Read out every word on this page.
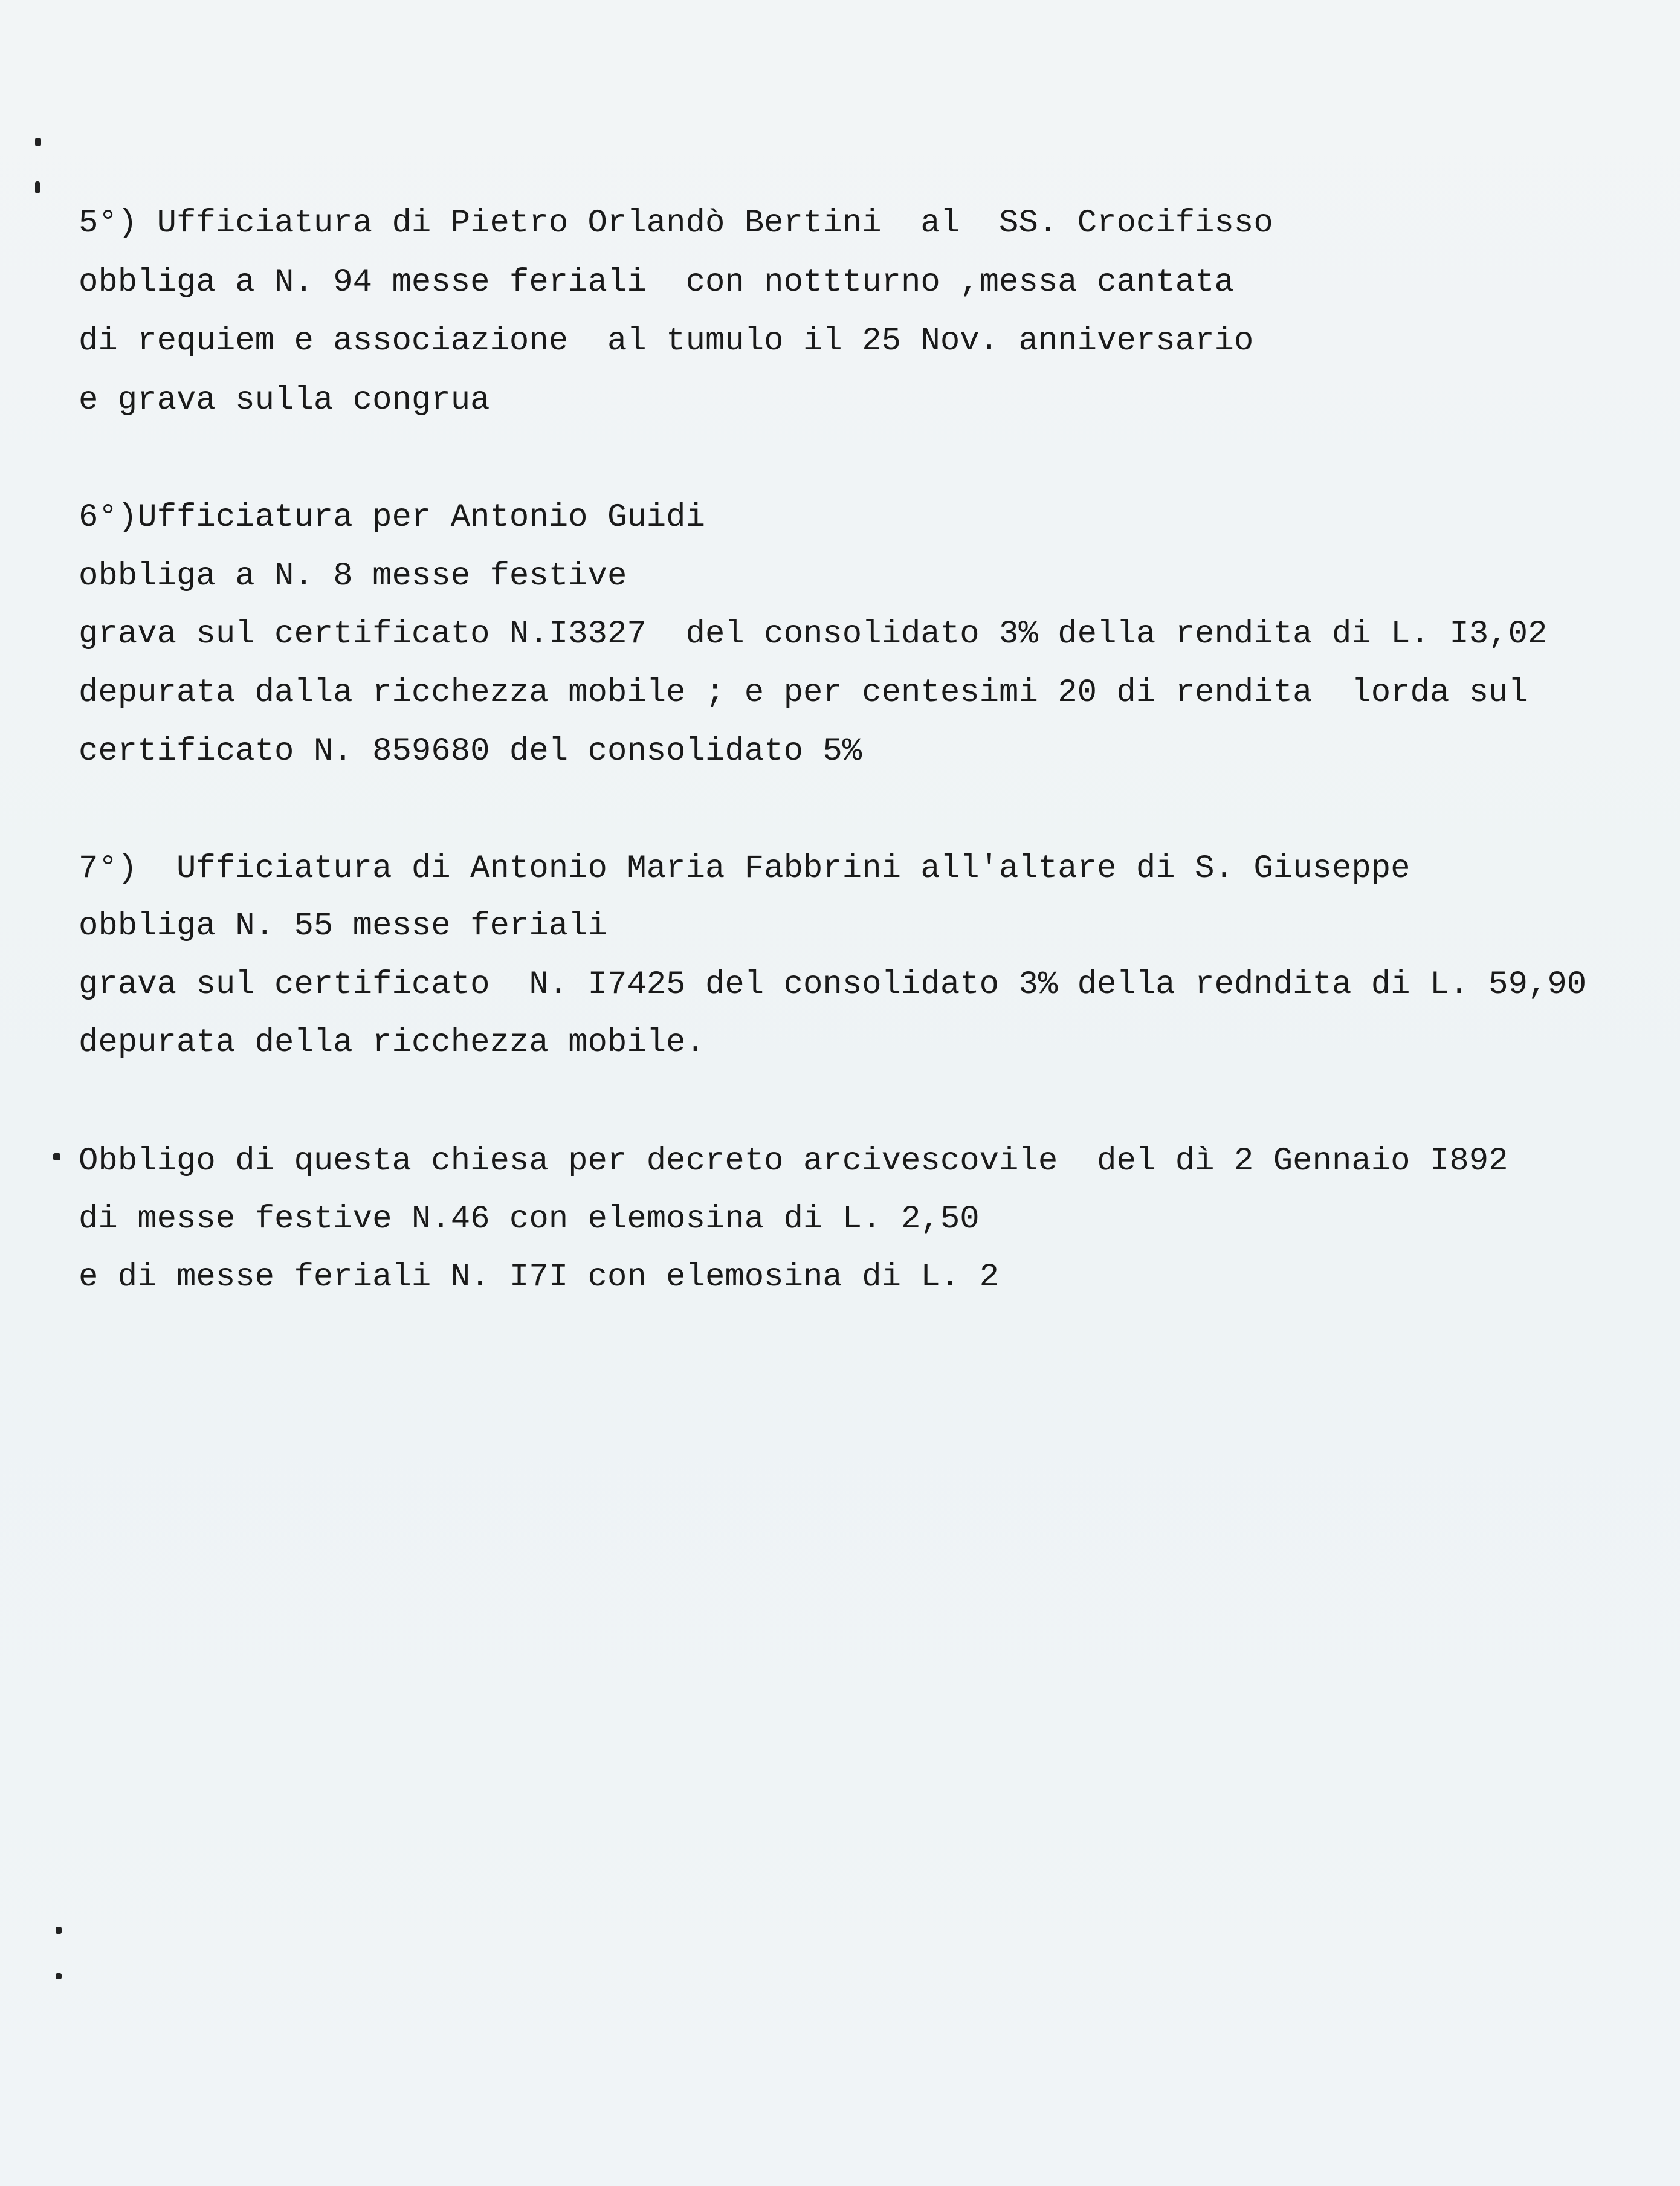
5°) Ufficiatura di Pietro Orlandò Bertini  al  SS. Crocifisso
obbliga a N. 94 messe feriali  con nottturno ,messa cantata
di requiem e associazione  al tumulo il 25 Nov. anniversario
e grava sulla congrua
6°)Ufficiatura per Antonio Guidi
obbliga a N. 8 messe festive
grava sul certificato N.I3327  del consolidato 3% della rendita di L. I3,02
depurata dalla ricchezza mobile ; e per centesimi 20 di rendita  lorda sul
certificato N. 859680 del consolidato 5%
7°)  Ufficiatura di Antonio Maria Fabbrini all'altare di S. Giuseppe
obbliga N. 55 messe feriali
grava sul certificato  N. I7425 del consolidato 3% della redndita di L. 59,90
depurata della ricchezza mobile.
Obbligo di questa chiesa per decreto arcivescovile  del dì 2 Gennaio I892
di messe festive N.46 con elemosina di L. 2,50
e di messe feriali N. I7I con elemosina di L. 2
